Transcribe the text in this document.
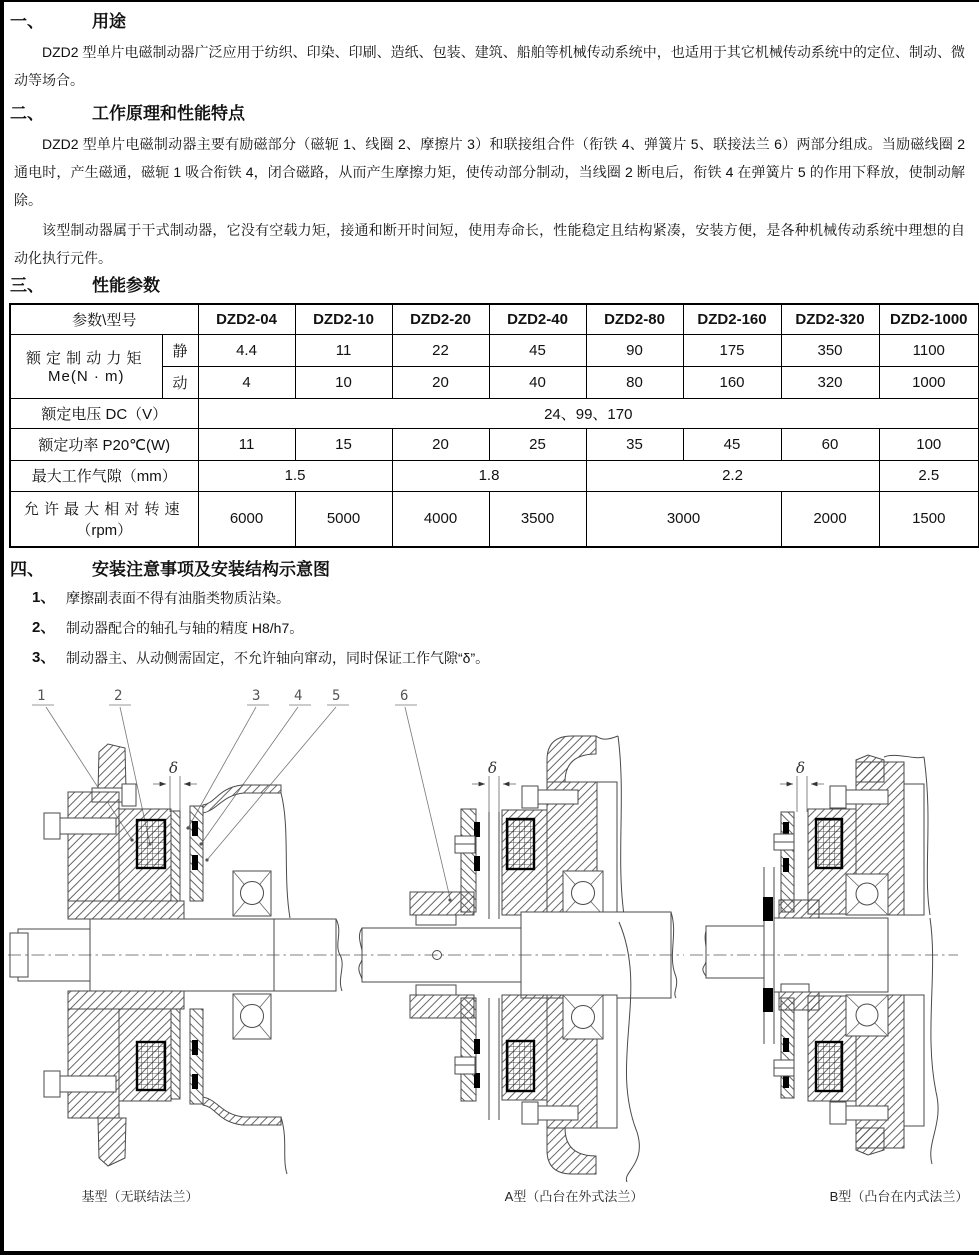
一、	用途

DZD2 型单片电磁制动器广泛应用于纺织、印染、印刷、造纸、包装、建筑、船舶等机械传动系统中，也适用于其它机械传动系统中的定位、制动、微动等场合。

二、	工作原理和性能特点

DZD2 型单片电磁制动器主要有励磁部分（磁轭 1、线圈 2、摩擦片 3）和联接组合件（衔铁 4、弹簧片 5、联接法兰 6）两部分组成。当励磁线圈 2 通电时，产生磁通，磁轭 1 吸合衔铁 4，闭合磁路，从而产生摩擦力矩，使传动部分制动，当线圈 2 断电后，衔铁 4 在弹簧片 5 的作用下释放，使制动解除。

该型制动器属于干式制动器，它没有空载力矩，接通和断开时间短，使用寿命长，性能稳定且结构紧凑，安装方便，是各种机械传动系统中理想的自动化执行元件。

三、	性能参数
参数\型号		DZD2-04	DZD2-10	DZD2-20	DZD2-40	DZD2-80	DZD2-160	DZD2-320	DZD2-1000

额定制动力矩
Me(N · m)	静	4.4	11	22	45	90	175	350	1100
	动	4	10	20	40	80	160	320	1000
额定电压 DC（V）		24、99、170							
额定功率 P20℃(W)		11	15	20	25	35	45	60	100
最大工作气隙（mm）		1.5		1.8		2.2			2.5

允许最大相对转速
（rpm）		6000	5000	4000	3500	3000		2000	1500
四、	安装注意事项及安装结构示意图
1、 摩擦副表面不得有油脂类物质沾染。
2、 制动器配合的轴孔与轴的精度 H8/h7。
3、 制动器主、从动侧需固定，不允许轴向窜动，同时保证工作气隙“δ”。
1	2	3 4 5
δ
6
δ	δ
基型（无联结法兰）	A型（凸台在外式法兰）	B型（凸台在内式法兰）
